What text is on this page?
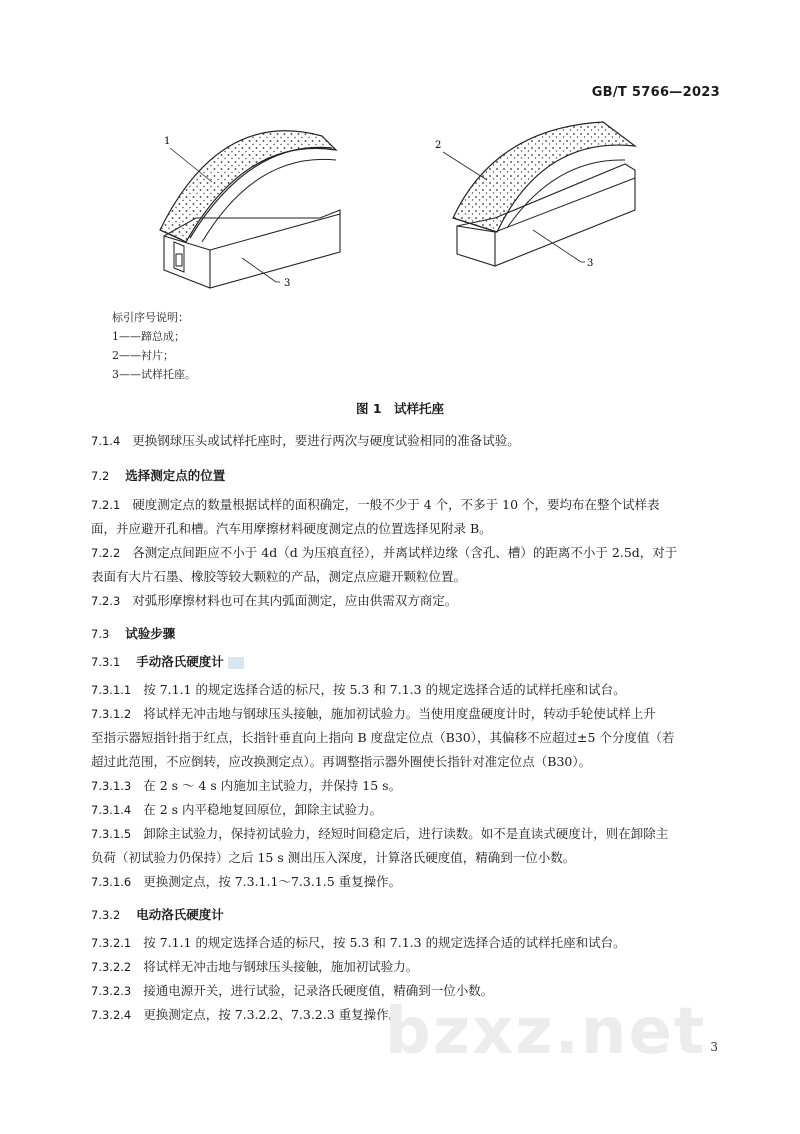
GB/T 5766—2023
1
3
2
3
标引序号说明：
1——蹄总成；
2——衬片；
3——试样托座。
图 1 试样托座
7.1.4 更换钢球压头或试样托座时，要进行两次与硬度试验相同的准备试验。
7.2 选择测定点的位置
7.2.1 硬度测定点的数量根据试样的面积确定，一般不少于 4 个，不多于 10 个，要均布在整个试样表
面，并应避开孔和槽。汽车用摩擦材料硬度测定点的位置选择见附录 B。
7.2.2 各测定点间距应不小于 4d（d 为压痕直径），并离试样边缘（含孔、槽）的距离不小于 2.5d，对于
表面有大片石墨、橡胶等较大颗粒的产品，测定点应避开颗粒位置。
7.2.3 对弧形摩擦材料也可在其内弧面测定，应由供需双方商定。
7.3 试验步骤
7.3.1 手动洛氏硬度计
7.3.1.1 按 7.1.1 的规定选择合适的标尺，按 5.3 和 7.1.3 的规定选择合适的试样托座和试台。
7.3.1.2 将试样无冲击地与钢球压头接触，施加初试验力。当使用度盘硬度计时，转动手轮使试样上升
至指示器短指针指于红点，长指针垂直向上指向 B 度盘定位点（B30），其偏移不应超过±5 个分度值（若
超过此范围，不应倒转，应改换测定点）。再调整指示器外圈使长指针对准定位点（B30）。
7.3.1.3 在 2 s ～ 4 s 内施加主试验力，并保持 15 s。
7.3.1.4 在 2 s 内平稳地复回原位，卸除主试验力。
7.3.1.5 卸除主试验力，保持初试验力，经短时间稳定后，进行读数。如不是直读式硬度计，则在卸除主
负荷（初试验力仍保持）之后 15 s 测出压入深度，计算洛氏硬度值，精确到一位小数。
7.3.1.6 更换测定点，按 7.3.1.1～7.3.1.5 重复操作。
7.3.2 电动洛氏硬度计
7.3.2.1 按 7.1.1 的规定选择合适的标尺，按 5.3 和 7.1.3 的规定选择合适的试样托座和试台。
7.3.2.2 将试样无冲击地与钢球压头接触，施加初试验力。
7.3.2.3 接通电源开关，进行试验，记录洛氏硬度值，精确到一位小数。
7.3.2.4 更换测定点，按 7.3.2.2、7.3.2.3 重复操作。
bzxz.net 3
